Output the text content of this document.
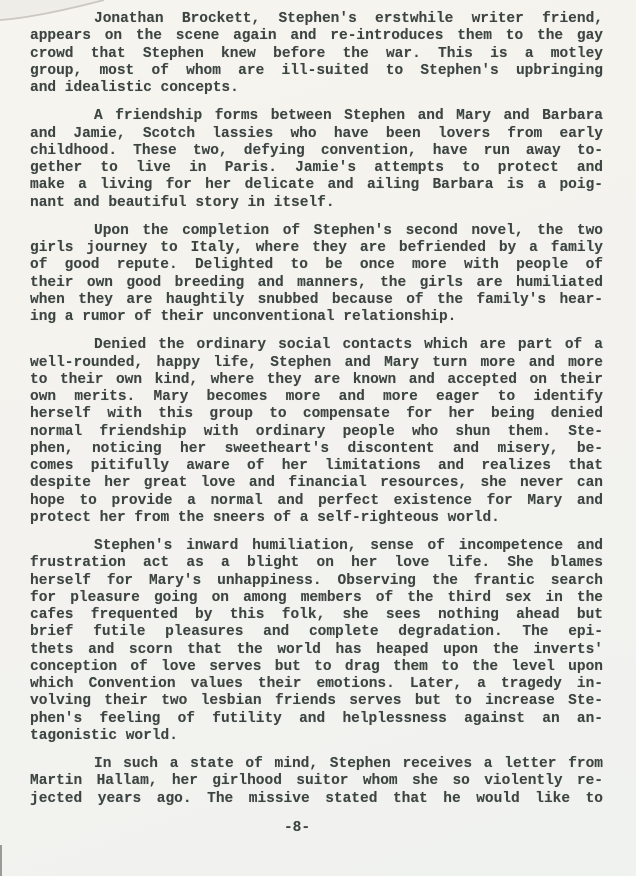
Jonathan Brockett, Stephen's erstwhile writer friend,
appears on the scene again and re-introduces them to the gay
crowd that Stephen knew before the war. This is a motley
group, most of whom are ill-suited to Stephen's upbringing
and idealistic concepts.
A friendship forms between Stephen and Mary and Barbara
and Jamie, Scotch lassies who have been lovers from early
childhood. These two, defying convention, have run away to-
gether to live in Paris. Jamie's attempts to protect and
make a living for her delicate and ailing Barbara is a poig-
nant and beautiful story in itself.
Upon the completion of Stephen's second novel, the two
girls journey to Italy, where they are befriended by a family
of good repute. Delighted to be once more with people of
their own good breeding and manners, the girls are humiliated
when they are haughtily snubbed because of the family's hear-
ing a rumor of their unconventional relationship.
Denied the ordinary social contacts which are part of a
well-rounded, happy life, Stephen and Mary turn more and more
to their own kind, where they are known and accepted on their
own merits. Mary becomes more and more eager to identify
herself with this group to compensate for her being denied
normal friendship with ordinary people who shun them. Ste-
phen, noticing her sweetheart's discontent and misery, be-
comes pitifully aware of her limitations and realizes that
despite her great love and financial resources, she never can
hope to provide a normal and perfect existence for Mary and
protect her from the sneers of a self-righteous world.
Stephen's inward humiliation, sense of incompetence and
frustration act as a blight on her love life. She blames
herself for Mary's unhappiness. Observing the frantic search
for pleasure going on among members of the third sex in the
cafes frequented by this folk, she sees nothing ahead but
brief futile pleasures and complete degradation. The epi-
thets and scorn that the world has heaped upon the inverts'
conception of love serves but to drag them to the level upon
which Convention values their emotions. Later, a tragedy in-
volving their two lesbian friends serves but to increase Ste-
phen's feeling of futility and helplessness against an an-
tagonistic world.
In such a state of mind, Stephen receives a letter from
Martin Hallam, her girlhood suitor whom she so violently re-
jected years ago. The missive stated that he would like to
-8-
